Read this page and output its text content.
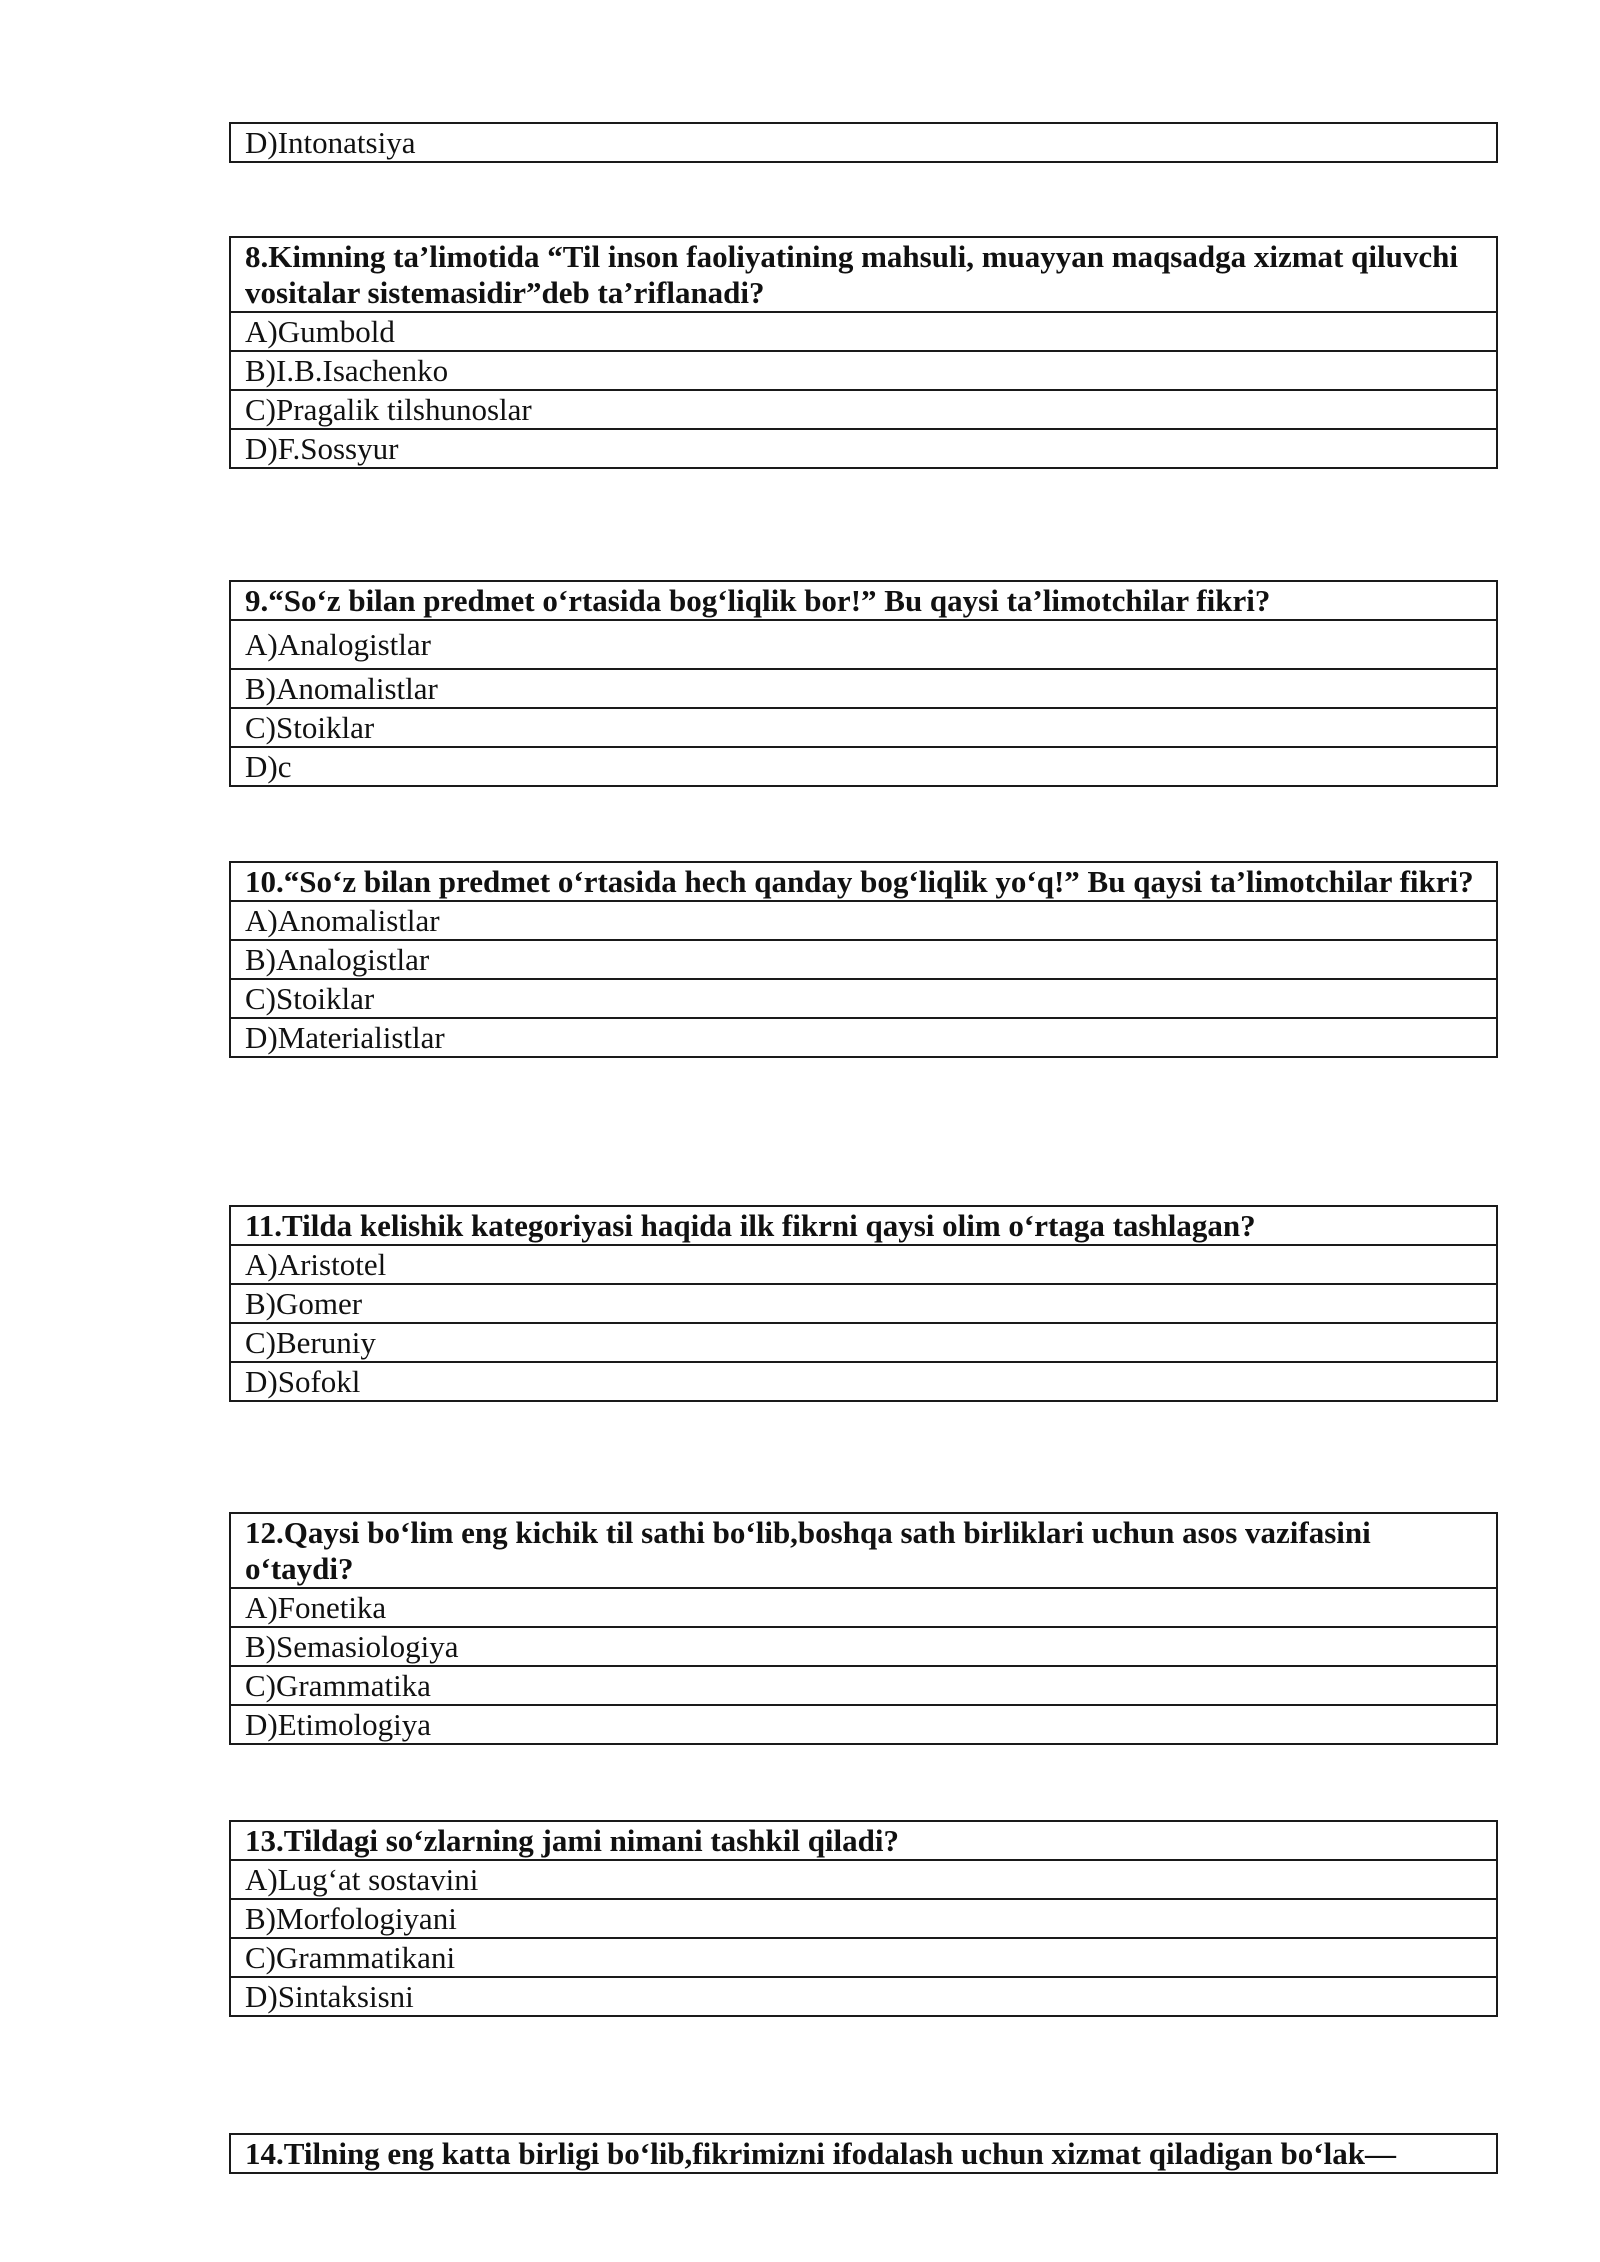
D)Intonatsiya
8.Kimning ta’limotida “Til inson faoliyatining mahsuli, muayyan maqsadga xizmat qiluvchi vositalar sistemasidir”deb ta’riflanadi?
A)Gumbold
B)I.B.Isachenko
C)Pragalik tilshunoslar
D)F.Sossyur
9.“So‘z bilan predmet o‘rtasida bog‘liqlik bor!” Bu qaysi ta’limotchilar fikri?
A)Analogistlar
B)Anomalistlar
C)Stoiklar
D)c
10.“So‘z bilan predmet o‘rtasida hech qanday bog‘liqlik yo‘q!” Bu qaysi ta’limotchilar fikri?
A)Anomalistlar
B)Analogistlar
C)Stoiklar
D)Materialistlar
11.Tilda kelishik kategoriyasi haqida ilk fikrni qaysi olim o‘rtaga tashlagan?
A)Aristotel
B)Gomer
C)Beruniy
D)Sofokl
12.Qaysi bo‘lim eng kichik til sathi bo‘lib,boshqa sath birliklari uchun asos vazifasini o‘taydi?
A)Fonetika
B)Semasiologiya
C)Grammatika
D)Etimologiya
13.Tildagi so‘zlarning jami nimani tashkil qiladi?
A)Lug‘at sostavini
B)Morfologiyani
C)Grammatikani
D)Sintaksisni
14.Tilning eng katta birligi bo‘lib,fikrimizni ifodalash uchun xizmat qiladigan bo‘lak—
